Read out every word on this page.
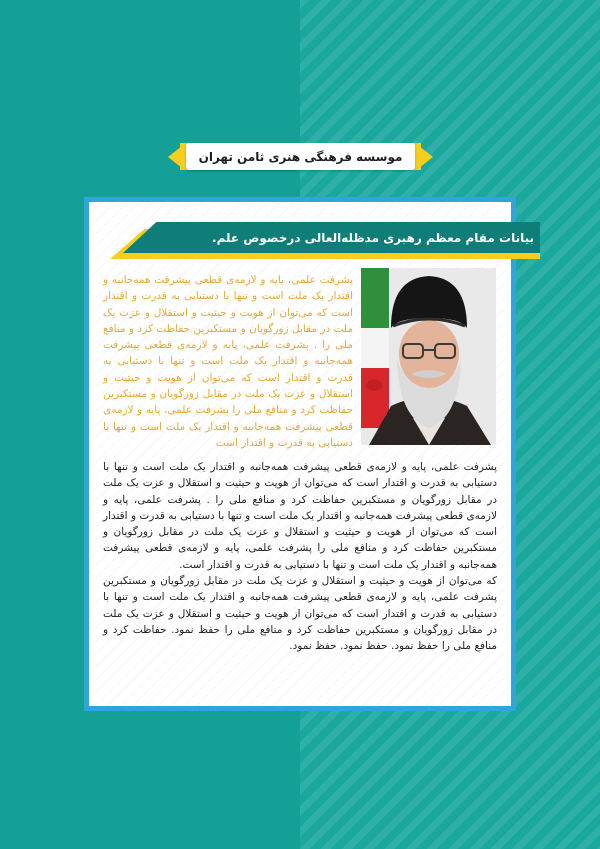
موسسه فرهنگی هنری ثامن تهران
بیانات مقام معظم رهبری مدظله‌العالی در‌خصوص علم.
پشرفت علمی، پایه و لازمه‌ی قطعی پیشرفت همه‌جانبه و اقتدار یک ملت است و تنها با دستیابی به قدرت و اقتدار است که می‌توان از هویت و حیثیت و استقلال و عزت یک ملت در مقابل زورگویان و مستکبرین حفاظت کرد و منافع ملی را . پشرفت علمی، پایه و لازمه‌ی قطعی پیشرفت همه‌جانبه و اقتدار یک ملت است و تنها با دستیابی به قدرت و اقتدار است که می‌توان از هویت و حیثیت و استقلال و عزت یک ملت در مقابل زورگویان و مستکبرین حفاظت کرد و منافع ملی را پشرفت علمی، پایه و لازمه‌ی قطعی پیشرفت همه‌جانبه و اقتدار یک ملت است و تنها با دستیابی به قدرت و اقتدار است

پشرفت علمی، پایه و لازمه‌ی قطعی پیشرفت همه‌جانبه و اقتدار یک ملت است و تنها با دستیابی به قدرت و اقتدار است که می‌توان از هویت و حیثیت و استقلال و عزت یک ملت در مقابل زورگویان و مستکبرین حفاظت کرد و منافع ملی را . پشرفت علمی، پایه و لازمه‌ی قطعی پیشرفت همه‌جانبه و اقتدار یک ملت است و تنها با دستیابی به قدرت و اقتدار است که می‌توان از هویت و حیثیت و استقلال و عزت یک ملت در مقابل زورگویان و مستکبرین حفاظت کرد و منافع ملی را پشرفت علمی، پایه و لازمه‌ی قطعی پیشرفت همه‌جانبه و اقتدار یک ملت است و تنها با دستیابی به قدرت و اقتدار است.

که می‌توان از هویت و حیثیت و استقلال و عزت یک ملت در مقابل زورگویان و مستکبرین پشرفت علمی، پایه و لازمه‌ی قطعی پیشرفت همه‌جانبه و اقتدار یک ملت است و تنها با دستیابی به قدرت و اقتدار است که می‌توان از هویت و حیثیت و استقلال و عزت یک ملت در مقابل زورگویان و مستکبرین حفاظت کرد و منافع ملی را حفظ نمود. حفاظت کرد و منافع ملی را حفظ نمود. حفظ نمود. حفظ نمود.
